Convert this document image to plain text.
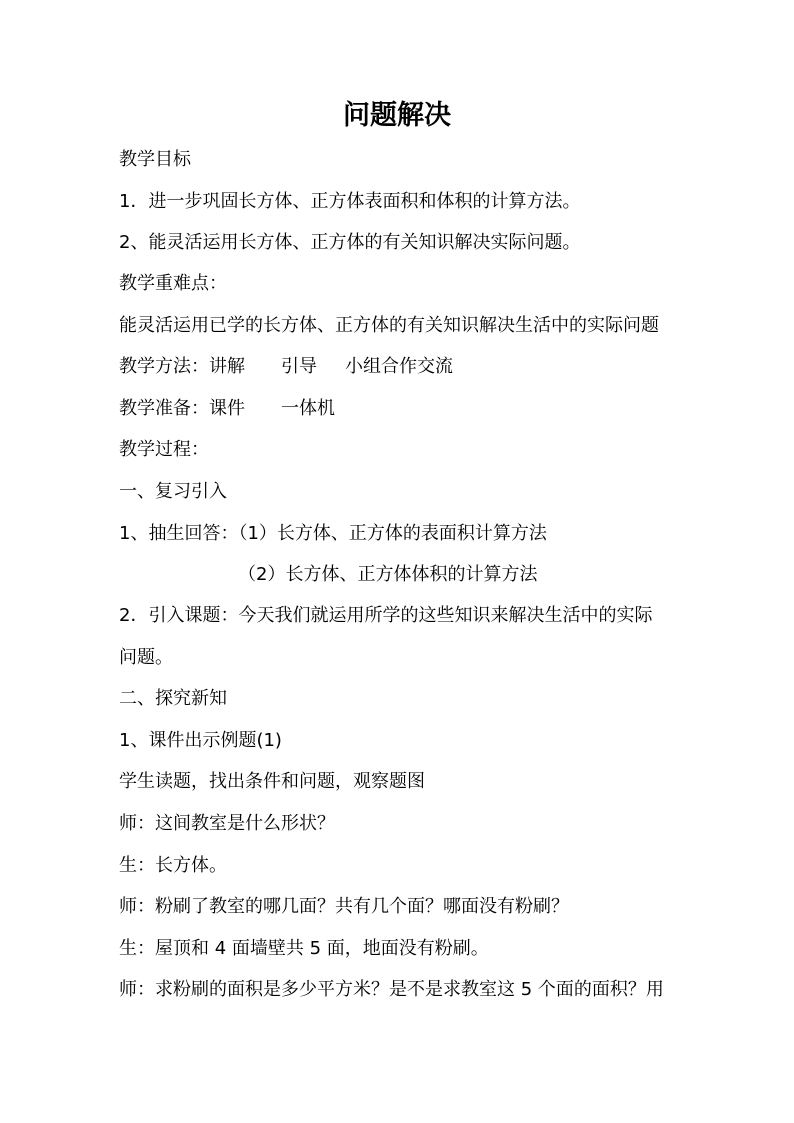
问题解决
教学目标
1．进一步巩固长方体、正方体表面积和体积的计算方法。
2、能灵活运用长方体、正方体的有关知识解决实际问题。
教学重难点：
能灵活运用已学的长方体、正方体的有关知识解决生活中的实际问题
教学方法：讲解 引导 小组合作交流
教学准备：课件 一体机
教学过程：
一、复习引入
1、抽生回答：（1）长方体、正方体的表面积计算方法
（2）长方体、正方体体积的计算方法
2．引入课题：今天我们就运用所学的这些知识来解决生活中的实际
问题。
二、探究新知
1、课件出示例题(1)
学生读题，找出条件和问题，观察题图
师：这间教室是什么形状？
生：长方体。
师：粉刷了教室的哪几面？共有几个面？哪面没有粉刷？
生：屋顶和 4 面墙壁共 5 面，地面没有粉刷。
师：求粉刷的面积是多少平方米？是不是求教室这 5 个面的面积？用
